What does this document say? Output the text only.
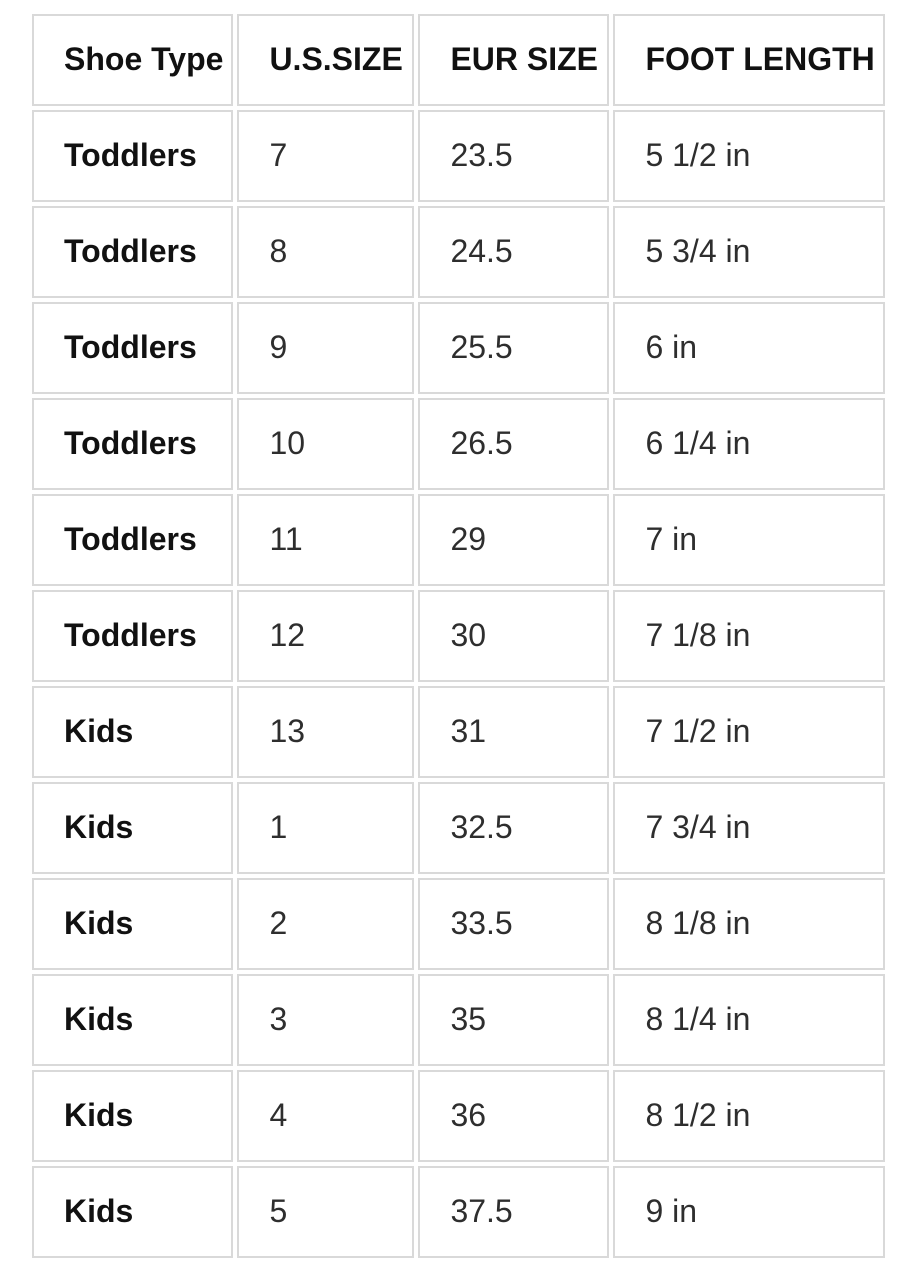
Shoe Type	U.S.SIZE	EUR SIZE	FOOT LENGTH
Toddlers	7	23.5	5 1/2 in
Toddlers	8	24.5	5 3/4 in
Toddlers	9	25.5	6 in
Toddlers	10	26.5	6 1/4 in
Toddlers	11	29	7 in
Toddlers	12	30	7 1/8 in
Kids	13	31	7 1/2 in
Kids	1	32.5	7 3/4 in
Kids	2	33.5	8 1/8 in
Kids	3	35	8 1/4 in
Kids	4	36	8 1/2 in
Kids	5	37.5	9 in
